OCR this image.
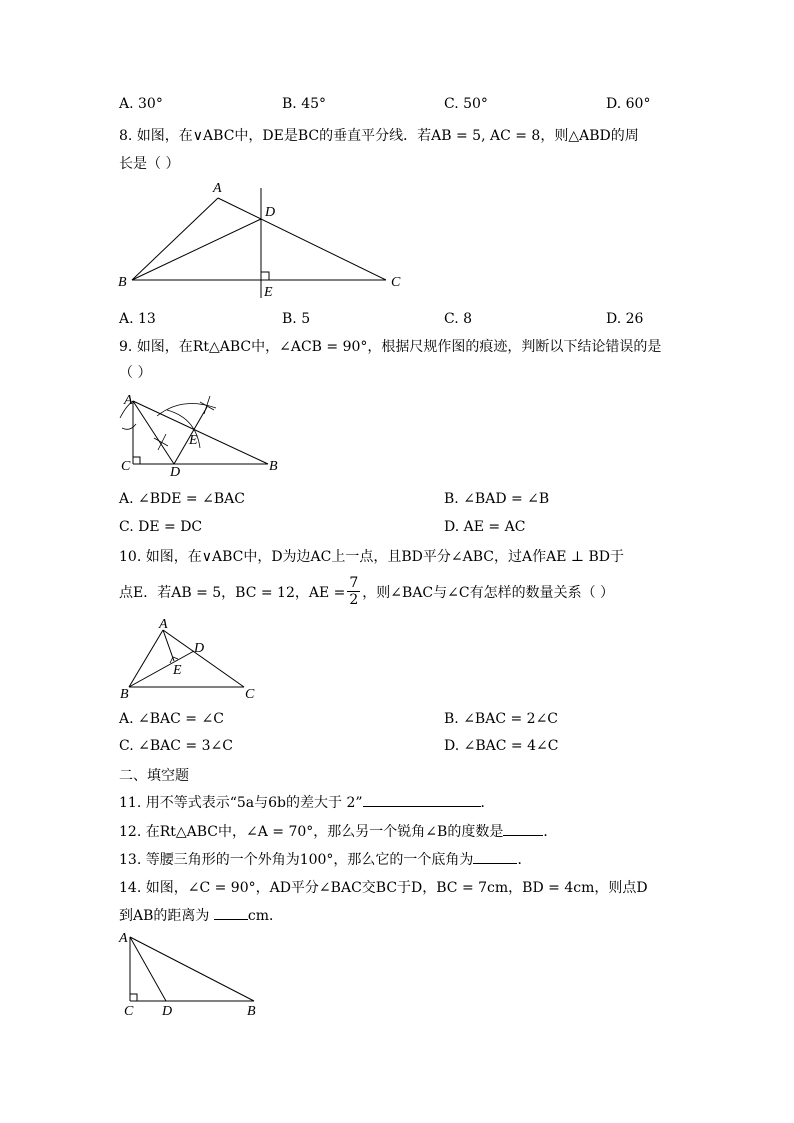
A. 30°	B. 45°	C. 50°	D. 60°
8. 如图，在∨ABC中，DE是BC的垂直平分线．若AB = 5, AC = 8，则△ABD的周
长是（ ）
A
B	C
D
E
A. 13	B. 5	C. 8	D. 26
9. 如图，在Rt△ABC中，∠ACB = 90°，根据尺规作图的痕迹，判断以下结论错误的是
（ ）
A
C	D
E
B
A. ∠BDE = ∠BAC	B. ∠BAD = ∠B
C. DE = DC	D. AE = AC
10. 如图，在∨ABC中，D为边AC上一点，且BD平分∠ABC，过A作AE ⊥ BD于
点E．若AB = 5，BC = 12，AE = $\frac{7}{2}$ ，则∠BAC与∠C有怎样的数量关系（ ）
A
B	C
D
E
A. ∠BAC = ∠C	B. ∠BAC = 2∠C
C. ∠BAC = 3∠C	D. ∠BAC = 4∠C
二、填空题
11. 用不等式表示“5a与6b的差大于 2”	．
12. 在Rt△ABC中，∠A = 70°，那么另一个锐角∠B的度数是	．
13. 等腰三角形的一个外角为100°，那么它的一个底角为	．
14. 如图，∠C = 90°，AD平分∠BAC交BC于D，BC = 7cm，BD = 4cm，则点D
到AB的距离为 cm．
A
C D	B
